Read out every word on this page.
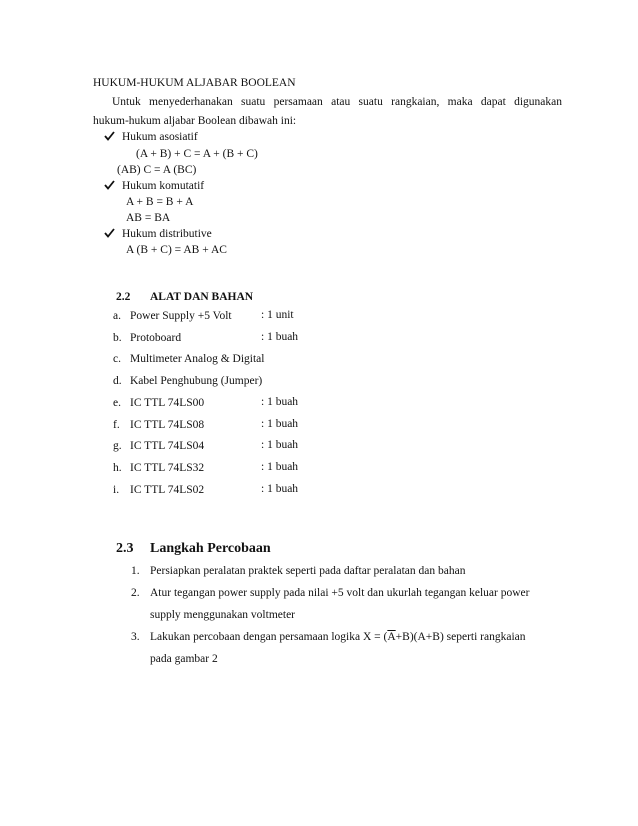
HUKUM-HUKUM ALJABAR BOOLEAN
Untuk menyederhanakan suatu persamaan atau suatu rangkaian, maka dapat digunakan
hukum-hukum aljabar Boolean dibawah ini:
Hukum asosiatif
(A + B) + C = A + (B + C)
(AB) C = A (BC)
Hukum komutatif
A + B = B + A
AB = BA
Hukum distributive
A (B + C) = AB + AC
2.2 ALAT DAN BAHAN
a. Power Supply +5 Volt	: 1 unit
b. Protoboard	: 1 buah
c. Multimeter Analog & Digital
d. Kabel Penghubung (Jumper)
e. IC TTL 74LS00	: 1 buah
f. IC TTL 74LS08	: 1 buah
g. IC TTL 74LS04	: 1 buah
h. IC TTL 74LS32	: 1 buah
i. IC TTL 74LS02	: 1 buah
2.3 Langkah Percobaan
1. Persiapkan peralatan praktek seperti pada daftar peralatan dan bahan
2. Atur tegangan power supply pada nilai +5 volt dan ukurlah tegangan keluar power
supply menggunakan voltmeter
3. Lakukan percobaan dengan persamaan logika $X = (\overline{A}+B)(A+B)$ seperti rangkaian
pada gambar 2
